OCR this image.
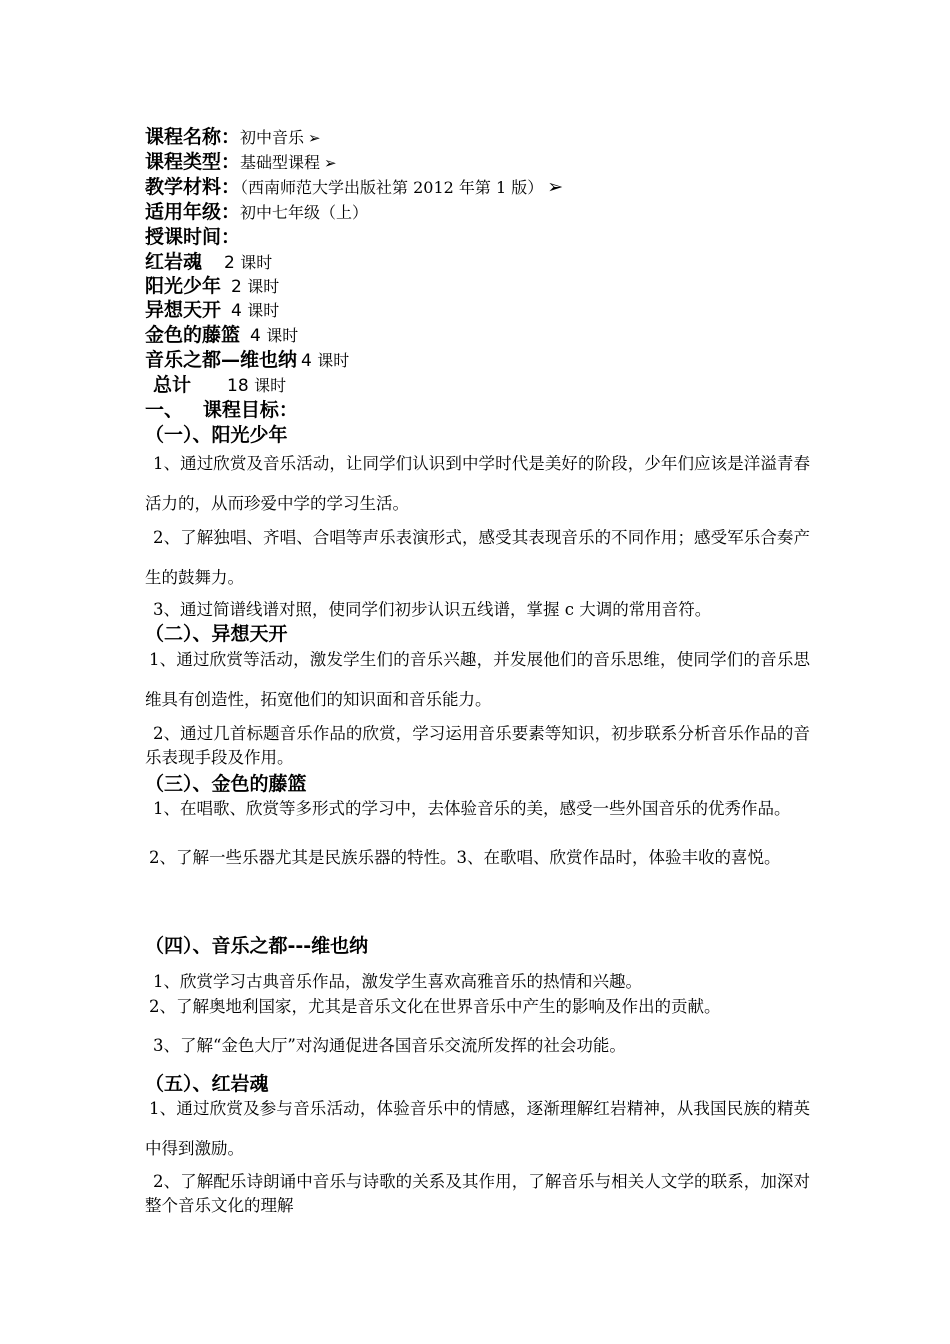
课程名称：初中音乐 ➢
课程类型：基础型课程 ➢
教学材料：（西南师范大学出版社第 2012 年第 1 版） ➢
适用年级：初中七年级（上）
授课时间：
红岩魂 2 课时
阳光少年 2 课时
异想天开 4 课时
金色的藤篮 4 课时
音乐之都—维也纳 4 课时
总计 18 课时
一、   课程目标：
（一）、阳光少年
1、通过欣赏及音乐活动，让同学们认识到中学时代是美好的阶段，少年们应该是洋溢青春活力的，从而珍爱中学的学习生活。
2、了解独唱、齐唱、合唱等声乐表演形式，感受其表现音乐的不同作用；感受军乐合奏产生的鼓舞力。
3、通过简谱线谱对照，使同学们初步认识五线谱，掌握 c 大调的常用音符。
（二）、异想天开
1、通过欣赏等活动，激发学生们的音乐兴趣，并发展他们的音乐思维，使同学们的音乐思维具有创造性，拓宽他们的知识面和音乐能力。
2、通过几首标题音乐作品的欣赏，学习运用音乐要素等知识，初步联系分析音乐作品的音乐表现手段及作用。
（三）、金色的藤篮
1、在唱歌、欣赏等多形式的学习中，去体验音乐的美，感受一些外国音乐的优秀作品。
2、了解一些乐器尤其是民族乐器的特性。3、在歌唱、欣赏作品时，体验丰收的喜悦。
（四）、音乐之都---维也纳
1、欣赏学习古典音乐作品，激发学生喜欢高雅音乐的热情和兴趣。
2、了解奥地利国家，尤其是音乐文化在世界音乐中产生的影响及作出的贡献。
3、了解“金色大厅”对沟通促进各国音乐交流所发挥的社会功能。
（五）、红岩魂
1、通过欣赏及参与音乐活动，体验音乐中的情感，逐渐理解红岩精神，从我国民族的精英中得到激励。
2、了解配乐诗朗诵中音乐与诗歌的关系及其作用，了解音乐与相关人文学的联系，加深对整个音乐文化的理解
